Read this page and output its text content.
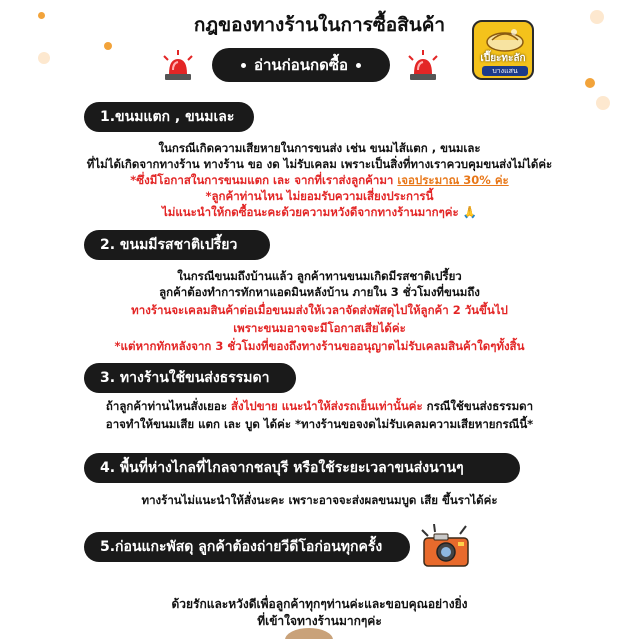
กฎของทางร้านในการซื้อสินค้า
อ่านก่อนกดซื้อ	เปี๊ยะทะลัก
บางแสน
1.ขนมแตก , ขนมเละ
ในกรณีเกิดความเสียหายในการขนส่ง เช่น ขนมไส้แตก , ขนมเละ
ที่ไม่ได้เกิดจากทางร้าน ทางร้าน ขอ งด ไม่รับเคลม เพราะเป็นสิ่งที่ทางเราควบคุมขนส่งไม่ได้ค่ะ
*ซึ่งมีโอกาสในการขนมแตก เละ จากที่เราส่งลูกค้ามา เจอประมาณ 30% ค่ะ
*ลูกค้าท่านไหน ไม่ยอมรับความเสี่ยงประการนี้
ไม่แนะนำให้กดซื้อนะคะด้วยความหวังดีจากทางร้านมากๆค่ะ 🙏
2. ขนมมีรสชาติเปรี้ยว
ในกรณีขนมถึงบ้านแล้ว ลูกค้าทานขนมเกิดมีรสชาติเปรี้ยว
ลูกค้าต้องทำการทักหาแอดมินหลังบ้าน ภายใน 3 ชั่วโมงที่ขนมถึง
ทางร้านจะเคลมสินค้าต่อเมื่อขนมส่งให้เวลาจัดส่งพัสดุไปให้ลูกค้า 2 วันขึ้นไป
เพราะขนมอาจจะมีโอกาสเสียได้ค่ะ
*แต่หากทักหลังจาก 3 ชั่วโมงที่ของถึงทางร้านขออนุญาตไม่รับเคลมสินค้าใดๆทั้งสิ้น
3. ทางร้านใช้ขนส่งธรรมดา
ถ้าลูกค้าท่านไหนสั่งเยอะ สั่งไปขาย แนะนำให้ส่งรถเย็นเท่านั้นค่ะ กรณีใช้ขนส่งธรรมดา
อาจทำให้ขนมเสีย แตก เละ บูด ได้ค่ะ *ทางร้านขอจงดไม่รับเคลมความเสียหายกรณีนี้*
4. พื้นที่ห่างไกลที่ไกลจากชลบุรี หรือใช้ระยะเวลาขนส่งนานๆ
ทางร้านไม่แนะนำให้สั่งนะคะ เพราะอาจจะส่งผลขนมบูด เสีย ขึ้นราได้ค่ะ
5.ก่อนแกะพัสดุ ลูกค้าต้องถ่ายวีดีโอก่อนทุกครั้ง
ด้วยรักและหวังดีเพื่อลูกค้าทุกๆท่านค่ะและขอบคุณอย่างยิ่ง
ที่เข้าใจทางร้านมากๆค่ะ
